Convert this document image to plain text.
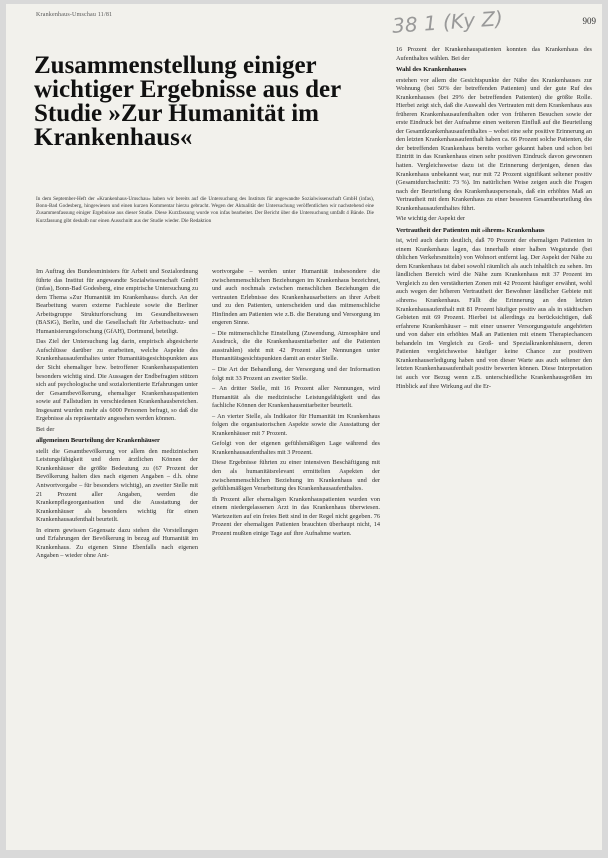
Krankenhaus-Umschau 11/81	38 1 (Ky Z)	909
Zusammenstellung einiger wichtiger Ergebnisse aus der Studie »Zur Humanität im Krankenhaus«
In dem September-Heft der »Krankenhaus-Umschau« haben wir bereits auf die Untersuchung des Instituts für angewandte Sozialwissenschaft GmbH (infas), Bonn-Bad Godesberg, hingewiesen und einen kurzen Kommentar hierzu gebracht. Wegen der Aktualität der Untersuchung veröffentlichen wir nachstehend eine Zusammenfassung einiger Ergebnisse aus dieser Studie. Diese Kurzfassung wurde von infas bearbeitet. Der Bericht über die Untersuchung umfaßt 4 Bände. Die Kurzfassung gibt deshalb nur einen Ausschnitt aus der Studie wieder. Die Redaktion

Im Auftrag des Bundesministers für Arbeit und Sozialordnung führte das Institut für angewandte Sozialwissenschaft GmbH (infas), Bonn-Bad Godesberg, eine empirische Untersuchung zu dem Thema »Zur Humanität im Krankenhaus« durch. An der Bearbeitung waren externe Fachleute sowie die Berliner Arbeitsgruppe Strukturforschung im Gesundheitswesen (BASiG), Berlin, und die Gesellschaft für Arbeitsschutz- und Humanisierungsforschung (GfAH), Dortmund, beteiligt.

Das Ziel der Untersuchung lag darin, empirisch abgesicherte Aufschlüsse darüber zu erarbeiten, welche Aspekte des Krankenhausaufenthaltes unter Humanitätsgesichtspunkten aus der Sicht ehemaliger bzw. betroffener Krankenhauspatienten besonders wichtig sind. Die Aussagen der Endbefragten stützen sich auf psychologische und sozialorientierte Erfahrungen unter der Gesamtbevölkerung, ehemaliger Krankenhauspatienten sowie auf Fallstudien in verschiedenen Krankenhausbereichen. Insgesamt wurden mehr als 6000 Personen befragt, so daß die Ergebnisse als repräsentativ angesehen werden können.

Bei der

allgemeinen Beurteilung der Krankenhäuser

stellt die Gesamtbevölkerung vor allem den medizinischen Leistungsfähigkeit und dem ärztlichen Können der Krankenhäuser die größte Bedeutung zu (67 Prozent der Bevölkerung halten dies nach eigenen Angaben – d.h. ohne Antwortvorgabe – für besonders wichtig), an zweiter Stelle mit 21 Prozent aller Angaben, werden die Krankenpflegeorganisation und die Ausstattung der Krankenhäuser als besonders wichtig für einen Krankenhausaufenthalt beurteilt.

In einem gewissen Gegensatz dazu stehen die Vorstellungen und Erfahrungen der Bevölkerung in bezug auf Humanität im Krankenhaus. Zu eigenen Sinne Ebenfalls nach eigenen Angaben – wieder ohne Ant-

wortvorgabe – werden unter Humanität insbesondere die zwischenmenschlichen Beziehungen im Krankenhaus bezeichnet, und auch nochmals zwischen menschlichen Beziehungen die vertrauten Erlebnisse des Krankenhausarbeiters an ihrer Arbeit und zu den Patienten, unterscheiden und das mitmenschliche Hinfinden am Patienten wie z.B. die Beratung und Versorgung im engeren Sinne.

– Die mitmenschliche Einstellung (Zuwendung, Atmosphäre und Ausdruck, die die Krankenhausmitarbeiter auf die Patienten ausstrahlen) steht mit 42 Prozent aller Nennungen unter Humanitätsgesichtspunkten damit an erster Stelle.

– Die Art der Behandlung, der Versorgung und der Information folgt mit 33 Prozent an zweiter Stelle.

– An dritter Stelle, mit 16 Prozent aller Nennungen, wird Humanität als die medizinische Leistungsfähigkeit und das fachliche Können der Krankenhausmitarbeiter beurteilt.

– An vierter Stelle, als Indikator für Humanität im Krankenhaus folgen die organisatorischen Aspekte sowie die Ausstattung der Krankenhäuser mit 7 Prozent.

Gefolgt von der eigenen gefühlsmäßigen Lage während des Krankenhausaufenthaltes mit 3 Prozent.

Diese Ergebnisse führten zu einer intensiven Beschäftigung mit den als humanitätsrelevant ermittelten Aspekten der zwischenmenschlichen Beziehung im Krankenhaus und der gefühlsmäßigen Verarbeitung des Krankenhausaufenthaltes.

Ih Prozent aller ehemaligen Krankenhauspatienten wurden von einem niedergelassenen Arzt in das Krankenhaus überwiesen. Wartezeiten auf ein freies Bett sind in der Regel nicht gegeben. 76 Prozent der ehemaligen Patienten brauchten überhaupt nicht, 14 Prozent mußten einige Tage auf ihre Aufnahme warten.

16 Prozent der Krankenhauspatienten konnten das Krankenhaus des Aufenthaltes wählen. Bei der

Wahl des Krankenhauses

erstehen vor allem die Gesichtspunkte der Nähe des Krankenhauses zur Wohnung (bei 50% der betreffenden Patienten) und der gute Ruf des Krankenhauses (bei 29% der betreffenden Patienten) die größte Rolle. Hierbei zeigt sich, daß die Auswahl des Vertrauten mit dem Krankenhaus aus früheren Krankenhausaufenthalten oder von früheren Besuchen sowie der erste Eindruck bei der Aufnahme einen weiteren Einfluß auf die Beurteilung der Gesamtkrankenhausaufenthaltes – wobei eine sehr positive Erinnerung an den letzten Krankenhausaufenthalt haben ca. 66 Prozent solche Patienten, die der betreffenden Krankenhaus bereits vorher gekannt haben und schon bei Eintritt in das Krankenhaus einen sehr positiven Eindruck davon gewonnen hatten. Vergleichsweise dazu ist die Erinnerung derjenigen, denen das Krankenhaus unbekannt war, nur mit 72 Prozent signifikant seltener positiv (Gesamtdurchschnitt: 73 %). Im natürlichen Weise zeigen auch die Fragen nach der Beurteilung des Krankenhauspersonals, daß ein erhöhtes Maß an Vertrautheit mit dem Krankenhaus zu einer besseren Gesamtbeurteilung des Krankenhausaufenthaltes führt.

Wie wichtig der Aspekt der

Vertrautheit der Patienten mit »ihrem« Krankenhaus

ist, wird auch darin deutlich, daß 70 Prozent der ehemaligen Patienten in einem Krankenhaus lagen, das innerhalb einer halben Wegstunde (bei üblichen Verkehrsmitteln) von Wohnort entfernt lag. Der Aspekt der Nähe zu dem Krankenhaus ist dabei sowohl räumlich als auch inhaltlich zu sehen. Im ländlichen Bereich wird die Nähe zum Krankenhaus mit 37 Prozent im Vergleich zu den verstädterten Zonen mit 42 Prozent häufiger erwähnt, wohl auch wegen der höheren Vertrautheit der Bewohner ländlicher Gebiete mit »ihrem« Krankenhaus. Fällt die Erinnerung an den letzten Krankenhausaufenthalt mit 81 Prozent häufiger positiv aus als in städtischen Gebieten mit 69 Prozent. Hierbei ist allerdings zu berücksichtigen, daß erfahrene Krankenhäuser – mit einer unserer Versorgungsstufe angehörten und von daher ein erhöhtes Maß an Patienten mit einem Therapiechancen behandeln im Vergleich zu Groß- und Spezialkrankenhäusern, deren Patienten vergleichsweise häufiger keine Chance zur positiven Krankenhauserledigung haben und von dieser Warte aus auch seltener den letzten Krankenhausaufenthalt positiv bewerten können. Diese Interpretation ist auch vor Bezug wenn z.B. unterschiedliche Krankenhausgrößen im Hinblick auf ihre Wirkung auf die Er-
